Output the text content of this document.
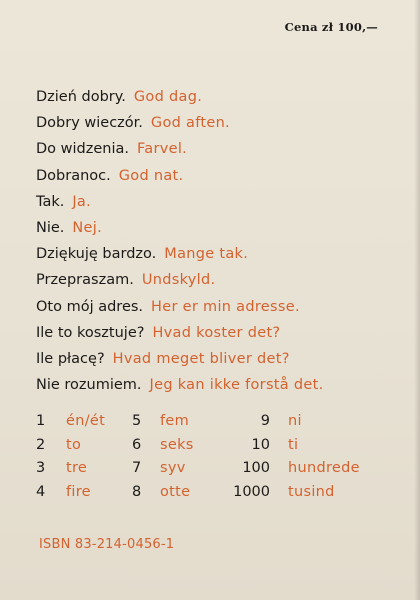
Cena zł 100,—
Dzień dobry. God dag.
Dobry wieczór. God aften.
Do widzenia. Farvel.
Dobranoc. God nat.
Tak. Ja.
Nie. Nej.
Dziękuję bardzo. Mange tak.
Przepraszam. Undskyld.
Oto mój adres. Her er min adresse.
Ile to kosztuje? Hvad koster det?
Ile płacę? Hvad meget bliver det?
Nie rozumiem. Jeg kan ikke forstå det.
1 én/ét 5 fem	9 ni
2 to	6 seks	10 ti
3 tre	7 syv	100 hundrede
4 fire	8 otte	1000 tusind
ISBN 83-214-0456-1
